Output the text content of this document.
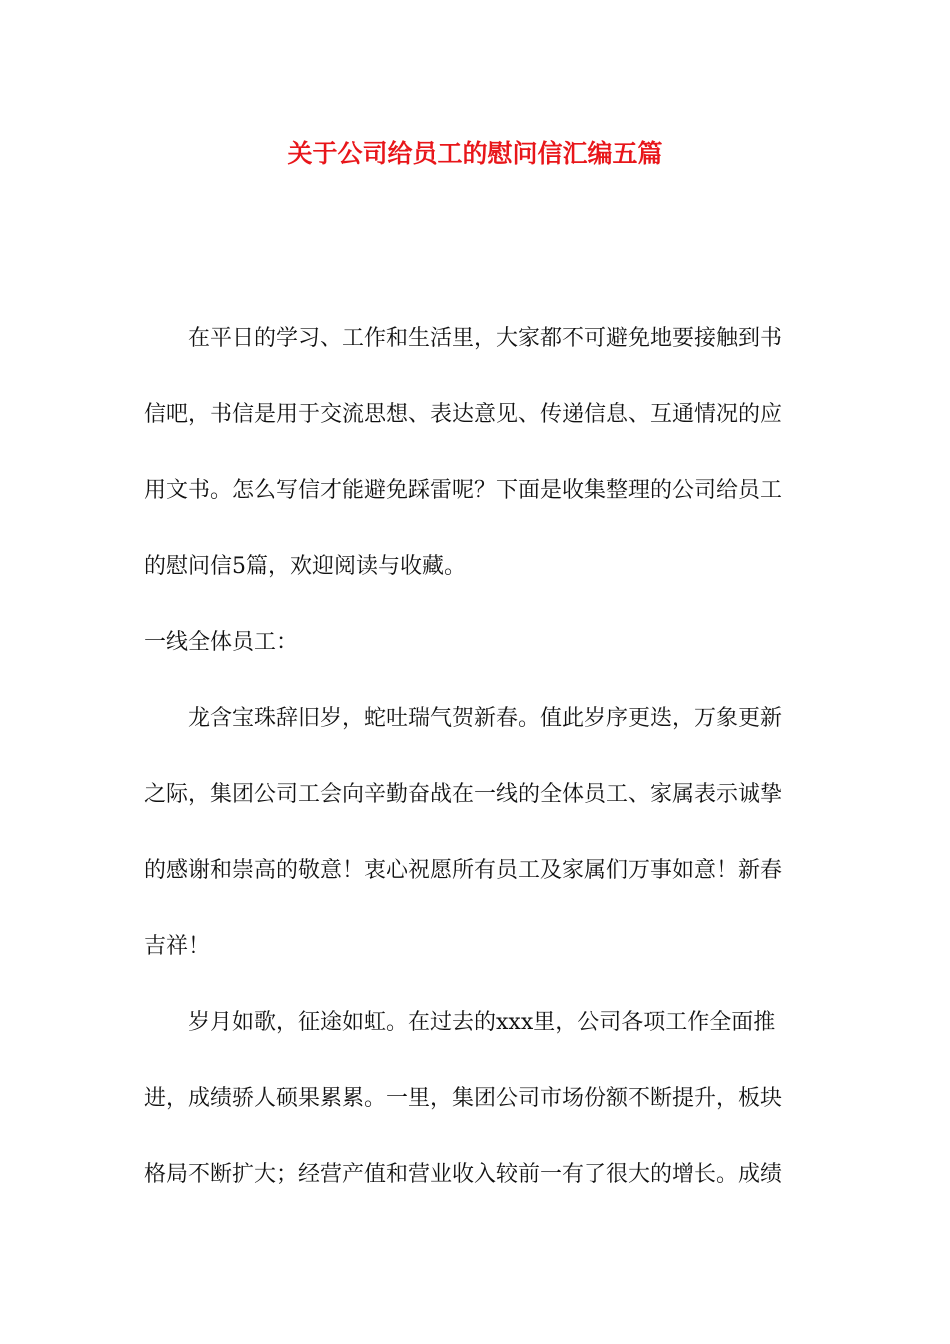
关于公司给员工的慰问信汇编五篇
在平日的学习、工作和生活里，大家都不可避免地要接触到书
信吧，书信是用于交流思想、表达意见、传递信息、互通情况的应
用文书。怎么写信才能避免踩雷呢？下面是收集整理的公司给员工
的慰问信5篇，欢迎阅读与收藏。
一线全体员工：
龙含宝珠辞旧岁，蛇吐瑞气贺新春。值此岁序更迭，万象更新
之际，集团公司工会向辛勤奋战在一线的全体员工、家属表示诚挚
的感谢和崇高的敬意！衷心祝愿所有员工及家属们万事如意！新春
吉祥！
岁月如歌，征途如虹。在过去的xxx里，公司各项工作全面推
进，成绩骄人硕果累累。一里，集团公司市场份额不断提升，板块
格局不断扩大；经营产值和营业收入较前一有了很大的增长。成绩
